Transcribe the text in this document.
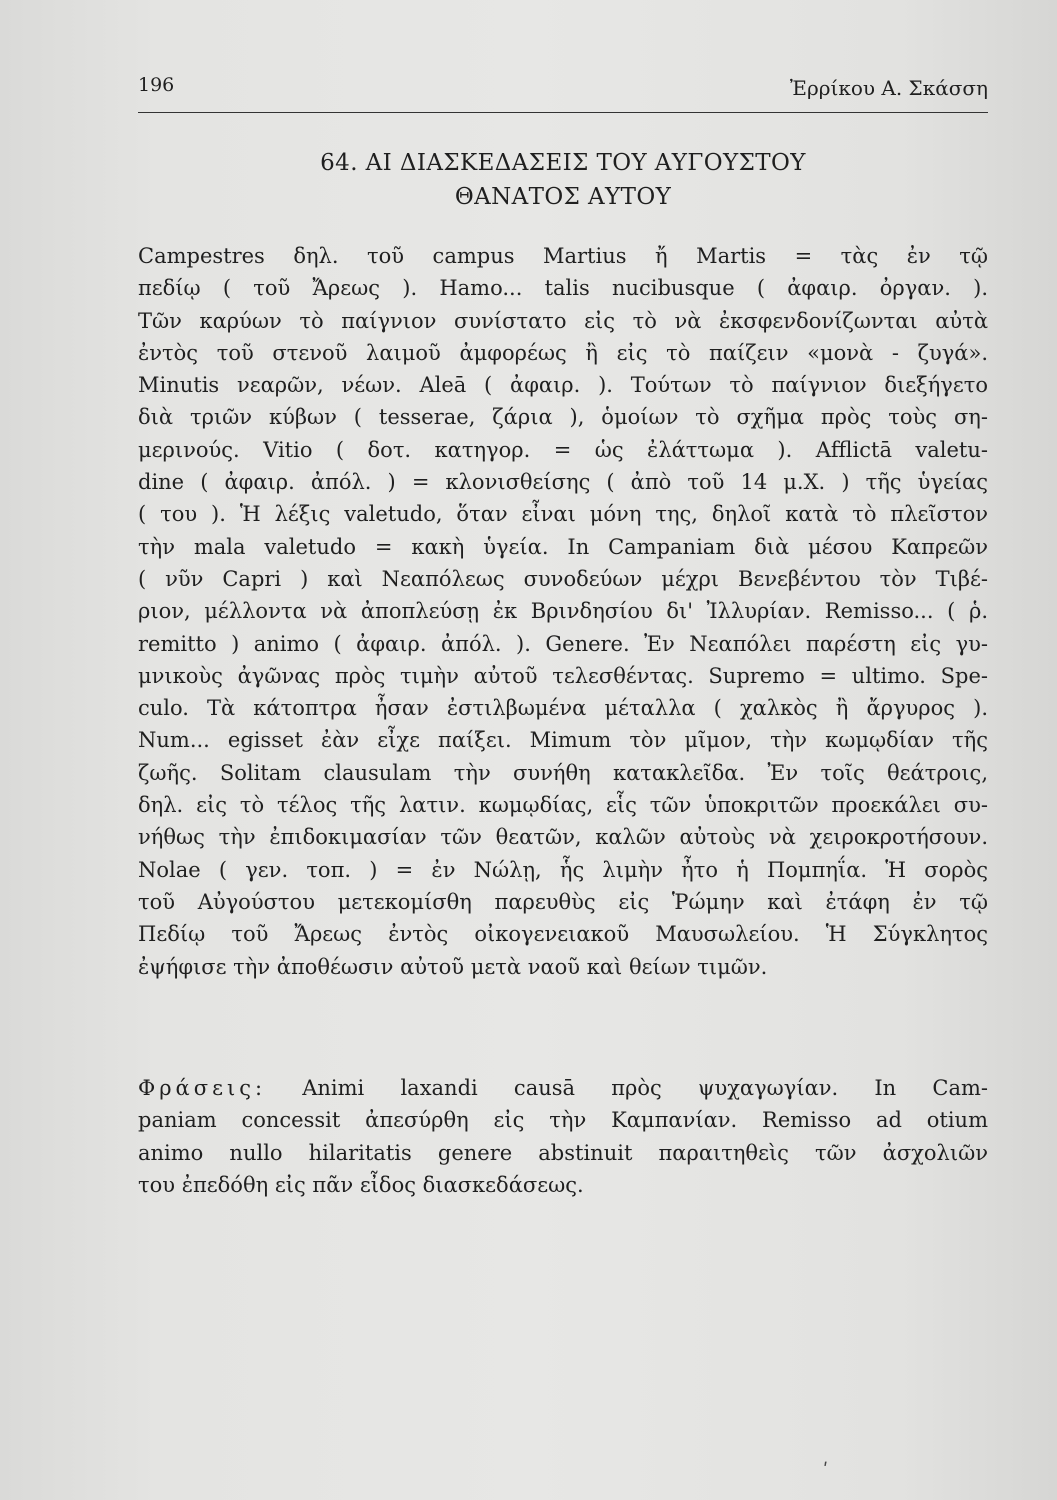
196	Ἐρρίκου Α. Σκάσση
64. ΑΙ ΔΙΑΣΚΕΔΑΣΕΙΣ ΤΟΥ ΑΥΓΟΥΣΤΟΥ
ΘΑΝΑΤΟΣ ΑΥΤΟΥ
Campestres δηλ. τοῦ campus Martius ἤ Martis = τὰς ἐν τῷ
πεδίῳ ( τοῦ Ἄρεως ). Hamo... talis nucibusque ( ἀφαιρ. ὀργαν. ).
Τῶν καρύων τὸ παίγνιον συνίστατο εἰς τὸ νὰ ἐκσφενδονίζωνται αὐτὰ
ἐντὸς τοῦ στενοῦ λαιμοῦ ἀμφορέως ἢ εἰς τὸ παίζειν «μονὰ - ζυγά».
Minutis νεαρῶν, νέων. Aleā ( ἀφαιρ. ). Τούτων τὸ παίγνιον διεξήγετο
διὰ τριῶν κύβων ( tesserae, ζάρια ), ὁμοίων τὸ σχῆμα πρὸς τοὺς ση-
μερινούς. Vitio ( δοτ. κατηγορ. = ὡς ἐλάττωμα ). Afflictā valetu-
dine ( ἀφαιρ. ἀπόλ. ) = κλονισθείσης ( ἀπὸ τοῦ 14 μ.Χ. ) τῆς ὑγείας
( του ). Ἡ λέξις valetudo, ὅταν εἶναι μόνη της, δηλοῖ κατὰ τὸ πλεῖστον
τὴν mala valetudo = κακὴ ὑγεία. In Campaniam διὰ μέσου Καπρεῶν
( νῦν Capri ) καὶ Νεαπόλεως συνοδεύων μέχρι Βενεβέντου τὸν Τιβέ-
ριον, μέλλοντα νὰ ἀποπλεύσῃ ἐκ Βρινδησίου δι' Ἰλλυρίαν. Remisso... ( ῥ.
remitto ) animo ( ἀφαιρ. ἀπόλ. ). Genere. Ἐν Νεαπόλει παρέστη εἰς γυ-
μνικοὺς ἀγῶνας πρὸς τιμὴν αὐτοῦ τελεσθέντας. Supremo = ultimo. Spe-
culo. Τὰ κάτοπτρα ἦσαν ἐστιλβωμένα μέταλλα ( χαλκὸς ἢ ἄργυρος ).
Num... egisset ἐὰν εἶχε παίξει. Mimum τὸν μῖμον, τὴν κωμῳδίαν τῆς
ζωῆς. Solitam clausulam τὴν συνήθη κατακλεῖδα. Ἐν τοῖς θεάτροις,
δηλ. εἰς τὸ τέλος τῆς λατιν. κωμῳδίας, εἷς τῶν ὑποκριτῶν προεκάλει συ-
νήθως τὴν ἐπιδοκιμασίαν τῶν θεατῶν, καλῶν αὐτοὺς νὰ χειροκροτήσουν.
Nolae ( γεν. τοπ. ) = ἐν Νώλῃ, ἧς λιμὴν ἦτο ἡ Πομπηΐα. Ἡ σορὸς
τοῦ Αὐγούστου μετεκομίσθη παρευθὺς εἰς Ῥώμην καὶ ἐτάφη ἐν τῷ
Πεδίῳ τοῦ Ἄρεως ἐντὸς οἰκογενειακοῦ Μαυσωλείου. Ἡ Σύγκλητος
ἐψήφισε τὴν ἀποθέωσιν αὐτοῦ μετὰ ναοῦ καὶ θείων τιμῶν.
Φράσεις: Animi laxandi causā πρὸς ψυχαγωγίαν. In Cam-
paniam concessit ἀπεσύρθη εἰς τὴν Καμπανίαν. Remisso ad otium
animo nullo hilaritatis genere abstinuit παραιτηθεὶς τῶν ἀσχολιῶν
του ἐπεδόθη εἰς πᾶν εἶδος διασκεδάσεως.
ʹ
